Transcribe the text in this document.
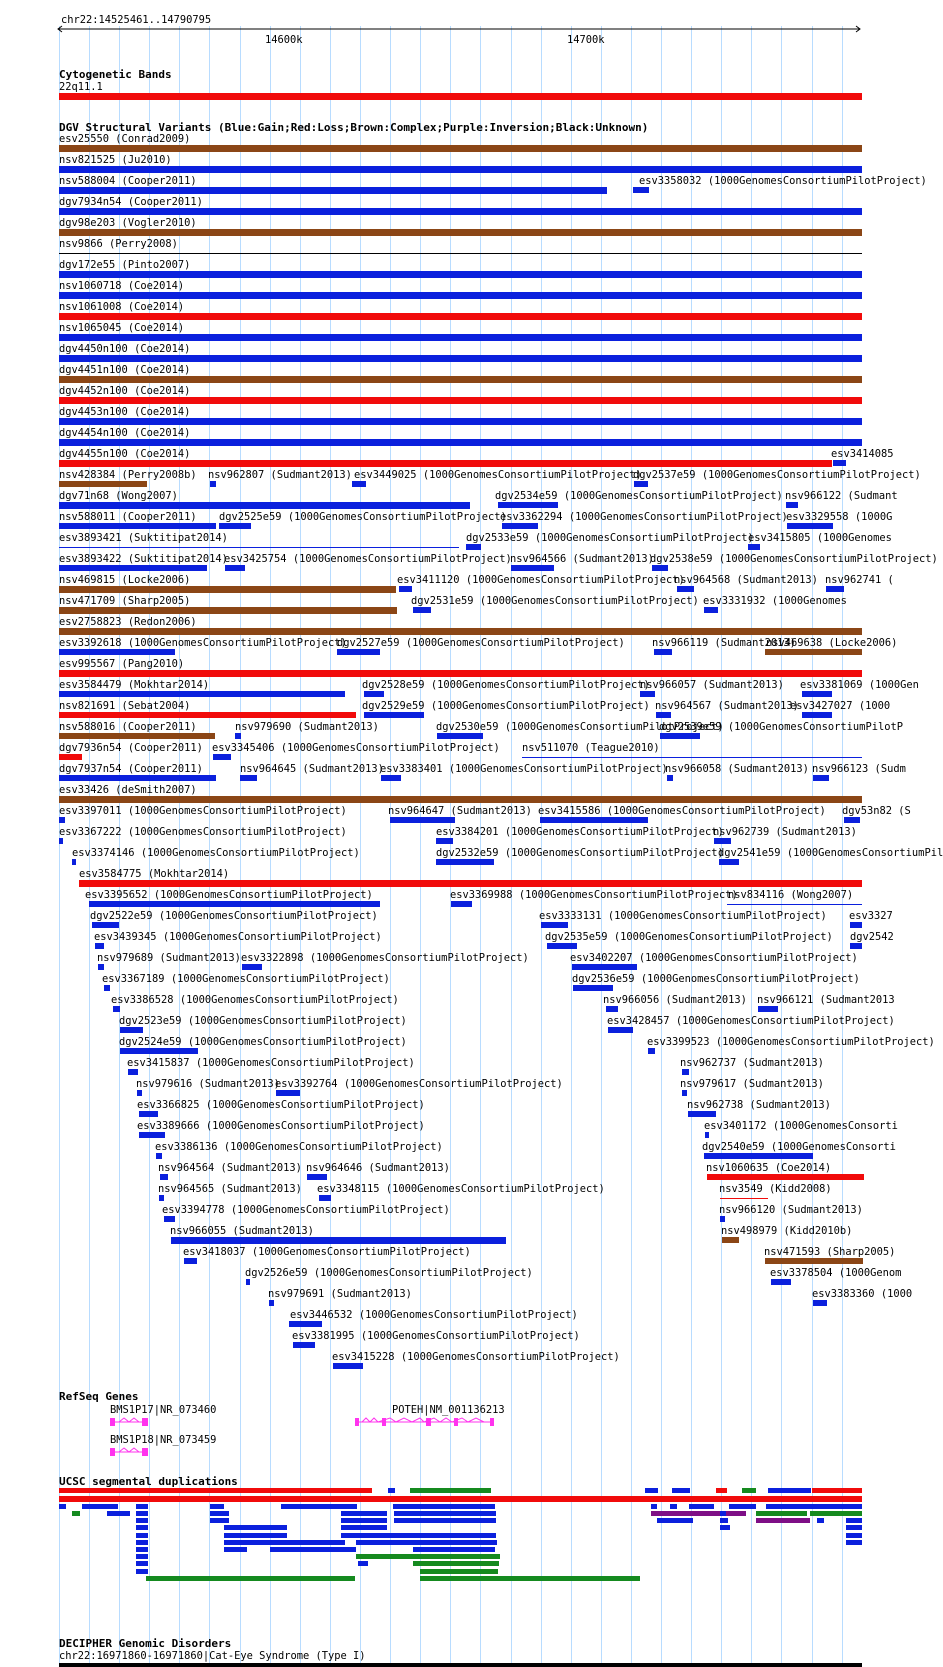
chr22:14525461..14790795
14600k	14700k
Cytogenetic Bands
22q11.1
DGV Structural Variants (Blue:Gain;Red:Loss;Brown:Complex;Purple:Inversion;Black:Unknown)
esv25550 (Conrad2009)
nsv821525 (Ju2010)
nsv588004 (Cooper2011)	esv3358032 (1000GenomesConsortiumPilotProject)
dgv7934n54 (Cooper2011)
dgv98e203 (Vogler2010)
nsv9866 (Perry2008)
dgv172e55 (Pinto2007)
nsv1060718 (Coe2014)
nsv1061008 (Coe2014)
nsv1065045 (Coe2014)
dgv4450n100 (Coe2014)
dgv4451n100 (Coe2014)
dgv4452n100 (Coe2014)
dgv4453n100 (Coe2014)
dgv4454n100 (Coe2014)
dgv4455n100 (Coe2014)	esv3414085
nsv428384 (Perry2008b) nsv962807 (Sudmant2013) esv3449025 (1000GenomesConsortiumPilotProject)
dgv2537e59 (1000GenomesConsortiumPilotProject)
dgv71n68 (Wong2007)	dgv2534e59 (1000GenomesConsortiumPilotProject) nsv966122 (Sudmant
nsv588011 (Cooper2011) dgv2525e59 (1000GenomesConsortiumPilotProject)
esv3362294 (1000GenomesConsortiumPilotProject)
esv3329558 (1000G
esv3893421 (Suktitipat2014)	dgv2533e59 (1000GenomesConsortiumPilotProject)
esv3415805 (1000Genomes
esv3893422 (Suktitipat2014)
esv3425754 (1000GenomesConsortiumPilotProject)
nsv964566 (Sudmant2013)
dgv2538e59 (1000GenomesConsortiumPilotProject)
nsv469815 (Locke2006)	esv3411120 (1000GenomesConsortiumPilotProject)
nsv964568 (Sudmant2013) nsv962741 (
nsv471709 (Sharp2005)	dgv2531e59 (1000GenomesConsortiumPilotProject) esv3331932 (1000Genomes
esv2758823 (Redon2006)
esv3392618 (1000GenomesConsortiumPilotProject)
dgv2527e59 (1000GenomesConsortiumPilotProject)	nsv966119 (Sudmant2013)
nsv469638 (Locke2006)
esv995567 (Pang2010)
esv3584479 (Mokhtar2014)	dgv2528e59 (1000GenomesConsortiumPilotProject)
nsv966057 (Sudmant2013) esv3381069 (1000Gen
nsv821691 (Sebat2004)	dgv2529e59 (1000GenomesConsortiumPilotProject) nsv964567 (Sudmant2013)
esv3427027 (1000
nsv588016 (Cooper2011)	nsv979690 (Sudmant2013)	dgv2530e59 (1000GenomesConsortiumPilotProject)
dgv2539e59 (1000GenomesConsortiumPilotP
dgv7936n54 (Cooper2011) esv3345406 (1000GenomesConsortiumPilotProject) nsv511070 (Teague2010)
dgv7937n54 (Cooper2011)	nsv964645 (Sudmant2013)
esv3383401 (1000GenomesConsortiumPilotProject)
nsv966058 (Sudmant2013) nsv966123 (Sudm
esv33426 (deSmith2007)
esv3397011 (1000GenomesConsortiumPilotProject)	nsv964647 (Sudmant2013) esv3415586 (1000GenomesConsortiumPilotProject) dgv53n82 (S
esv3367222 (1000GenomesConsortiumPilotProject)	esv3384201 (1000GenomesConsortiumPilotProject)
nsv962739 (Sudmant2013)
esv3374146 (1000GenomesConsortiumPilotProject)	dgv2532e59 (1000GenomesConsortiumPilotProject)
dgv2541e59 (1000GenomesConsortiumPil
esv3584775 (Mokhtar2014)
esv3395652 (1000GenomesConsortiumPilotProject)	esv3369988 (1000GenomesConsortiumPilotProject)
nsv834116 (Wong2007)
dgv2522e59 (1000GenomesConsortiumPilotProject)	esv3333131 (1000GenomesConsortiumPilotProject) esv3327
esv3439345 (1000GenomesConsortiumPilotProject)	dgv2535e59 (1000GenomesConsortiumPilotProject) dgv2542
nsv979689 (Sudmant2013) esv3322898 (1000GenomesConsortiumPilotProject)	esv3402207 (1000GenomesConsortiumPilotProject)
esv3367189 (1000GenomesConsortiumPilotProject)	dgv2536e59 (1000GenomesConsortiumPilotProject)
esv3386528 (1000GenomesConsortiumPilotProject)	nsv966056 (Sudmant2013) nsv966121 (Sudmant2013
dgv2523e59 (1000GenomesConsortiumPilotProject)	esv3428457 (1000GenomesConsortiumPilotProject)
dgv2524e59 (1000GenomesConsortiumPilotProject)	esv3399523 (1000GenomesConsortiumPilotProject)
esv3415837 (1000GenomesConsortiumPilotProject)	nsv962737 (Sudmant2013)
nsv979616 (Sudmant2013)
esv3392764 (1000GenomesConsortiumPilotProject)	nsv979617 (Sudmant2013)
esv3366825 (1000GenomesConsortiumPilotProject)	nsv962738 (Sudmant2013)
esv3389666 (1000GenomesConsortiumPilotProject)	esv3401172 (1000GenomesConsorti
esv3386136 (1000GenomesConsortiumPilotProject)	dgv2540e59 (1000GenomesConsorti
nsv964564 (Sudmant2013) nsv964646 (Sudmant2013)	nsv1060635 (Coe2014)
nsv964565 (Sudmant2013) esv3348115 (1000GenomesConsortiumPilotProject)	nsv3549 (Kidd2008)
esv3394778 (1000GenomesConsortiumPilotProject)	nsv966120 (Sudmant2013)
nsv966055 (Sudmant2013)	nsv498979 (Kidd2010b)
esv3418037 (1000GenomesConsortiumPilotProject)	nsv471593 (Sharp2005)
dgv2526e59 (1000GenomesConsortiumPilotProject)	esv3378504 (1000Genom
nsv979691 (Sudmant2013)	esv3383360 (1000
esv3446532 (1000GenomesConsortiumPilotProject)
esv3381995 (1000GenomesConsortiumPilotProject)
esv3415228 (1000GenomesConsortiumPilotProject)
RefSeq Genes
BMS1P17|NR_073460
BMS1P18|NR_073459
POTEH|NM_001136213
UCSC segmental duplications
DECIPHER Genomic Disorders
chr22:16971860-16971860|Cat-Eye Syndrome (Type I)
